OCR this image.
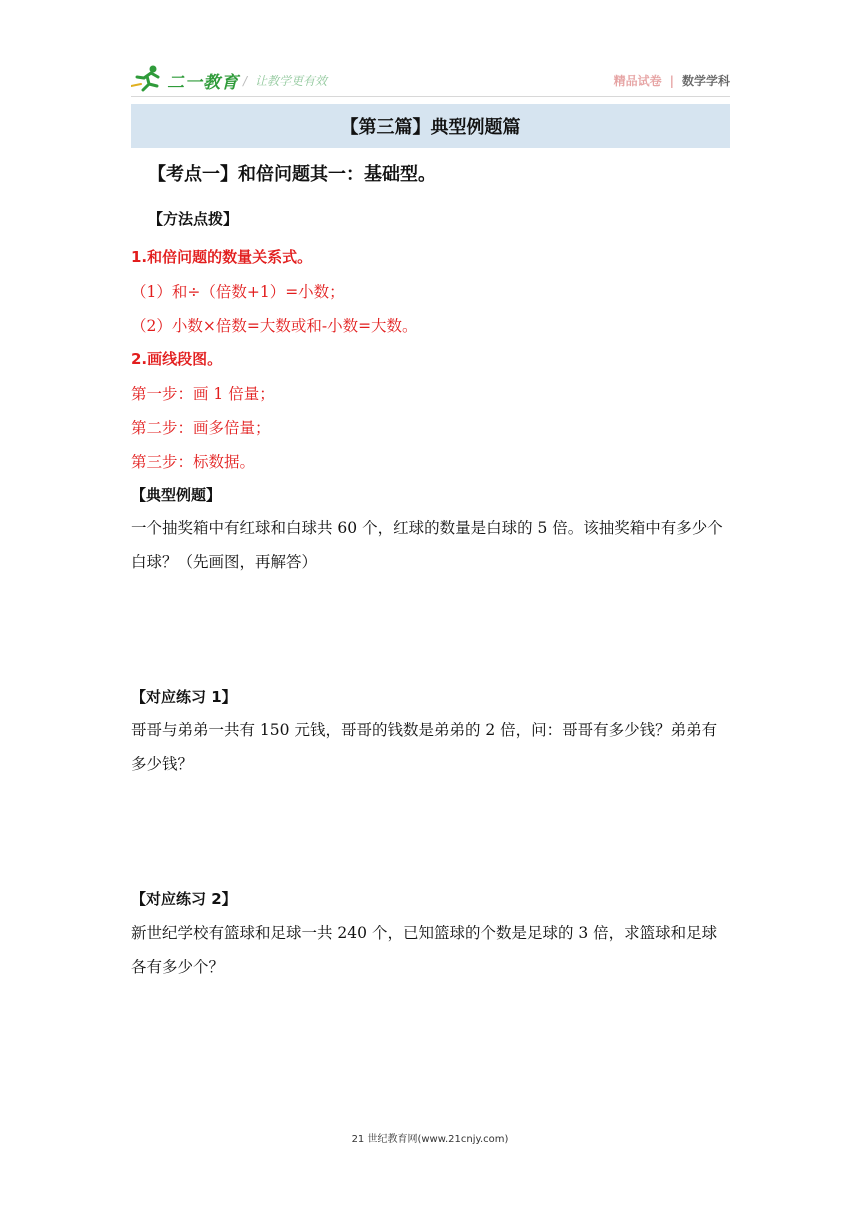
二一教育 / 让教学更有效	精品试卷 | 数学学科
【第三篇】典型例题篇
【考点一】和倍问题其一：基础型。
【方法点拨】
1.和倍问题的数量关系式。
（1）和÷（倍数+1）=小数；
（2）小数×倍数=大数或和-小数=大数。
2.画线段图。
第一步：画 1 倍量；
第二步：画多倍量；
第三步：标数据。
【典型例题】
一个抽奖箱中有红球和白球共 60 个，红球的数量是白球的 5 倍。该抽奖箱中有多少个白球？（先画图，再解答）
【对应练习 1】
哥哥与弟弟一共有 150 元钱，哥哥的钱数是弟弟的 2 倍，问：哥哥有多少钱？弟弟有多少钱？
【对应练习 2】
新世纪学校有篮球和足球一共 240 个，已知篮球的个数是足球的 3 倍，求篮球和足球各有多少个？
21 世纪教育网(www.21cnjy.com)
